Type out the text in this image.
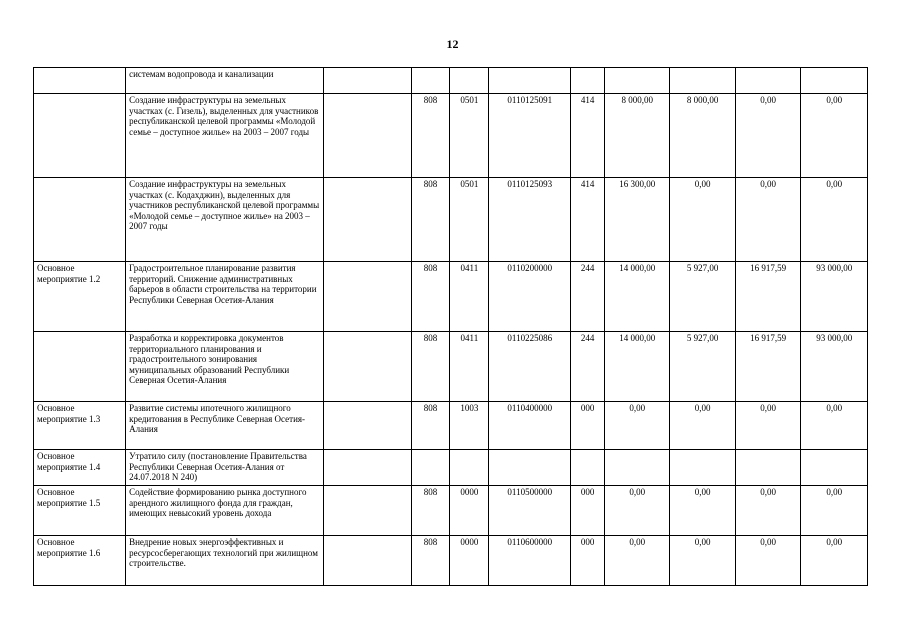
12
	системам водопровода и канализации									
	Создание инфраструктуры на земельных участках (с. Гизель), выделенных для участников республиканской целевой программы «Молодой семье – доступное жилье» на 2003 – 2007 годы		808	0501	0110125091	414	8 000,00	8 000,00	0,00	0,00
	Создание инфраструктуры на земельных участках (с. Кодахджин), выделенных для участников республиканской целевой программы «Молодой семье – доступное жилье» на 2003 – 2007 годы		808	0501	0110125093	414	16 300,00	0,00	0,00	0,00
Основное мероприятие 1.2	Градостроительное планирование развития территорий. Снижение административных барьеров в области строительства на территории Республики Северная Осетия-Алания		808	0411	0110200000	244	14 000,00	5 927,00	16 917,59	93 000,00
	Разработка и корректировка документов территориального планирования и градостроительного зонирования муниципальных образований Республики Северная Осетия-Алания		808	0411	0110225086	244	14 000,00	5 927,00	16 917,59	93 000,00
Основное мероприятие 1.3	Развитие системы ипотечного жилищного кредитования в Республике Северная Осетия-Алания		808	1003	0110400000	000	0,00	0,00	0,00	0,00
Основное мероприятие 1.4	Утратило силу (постановление Правительства Республики Северная Осетия-Алания от 24.07.2018 N 240)									
Основное мероприятие 1.5	Содействие формированию рынка доступного арендного жилищного фонда для граждан, имеющих невысокий уровень дохода		808	0000	0110500000	000	0,00	0,00	0,00	0,00
Основное мероприятие 1.6	Внедрение новых энергоэффективных и ресурсосберегающих технологий при жилищном строительстве.		808	0000	0110600000	000	0,00	0,00	0,00	0,00
